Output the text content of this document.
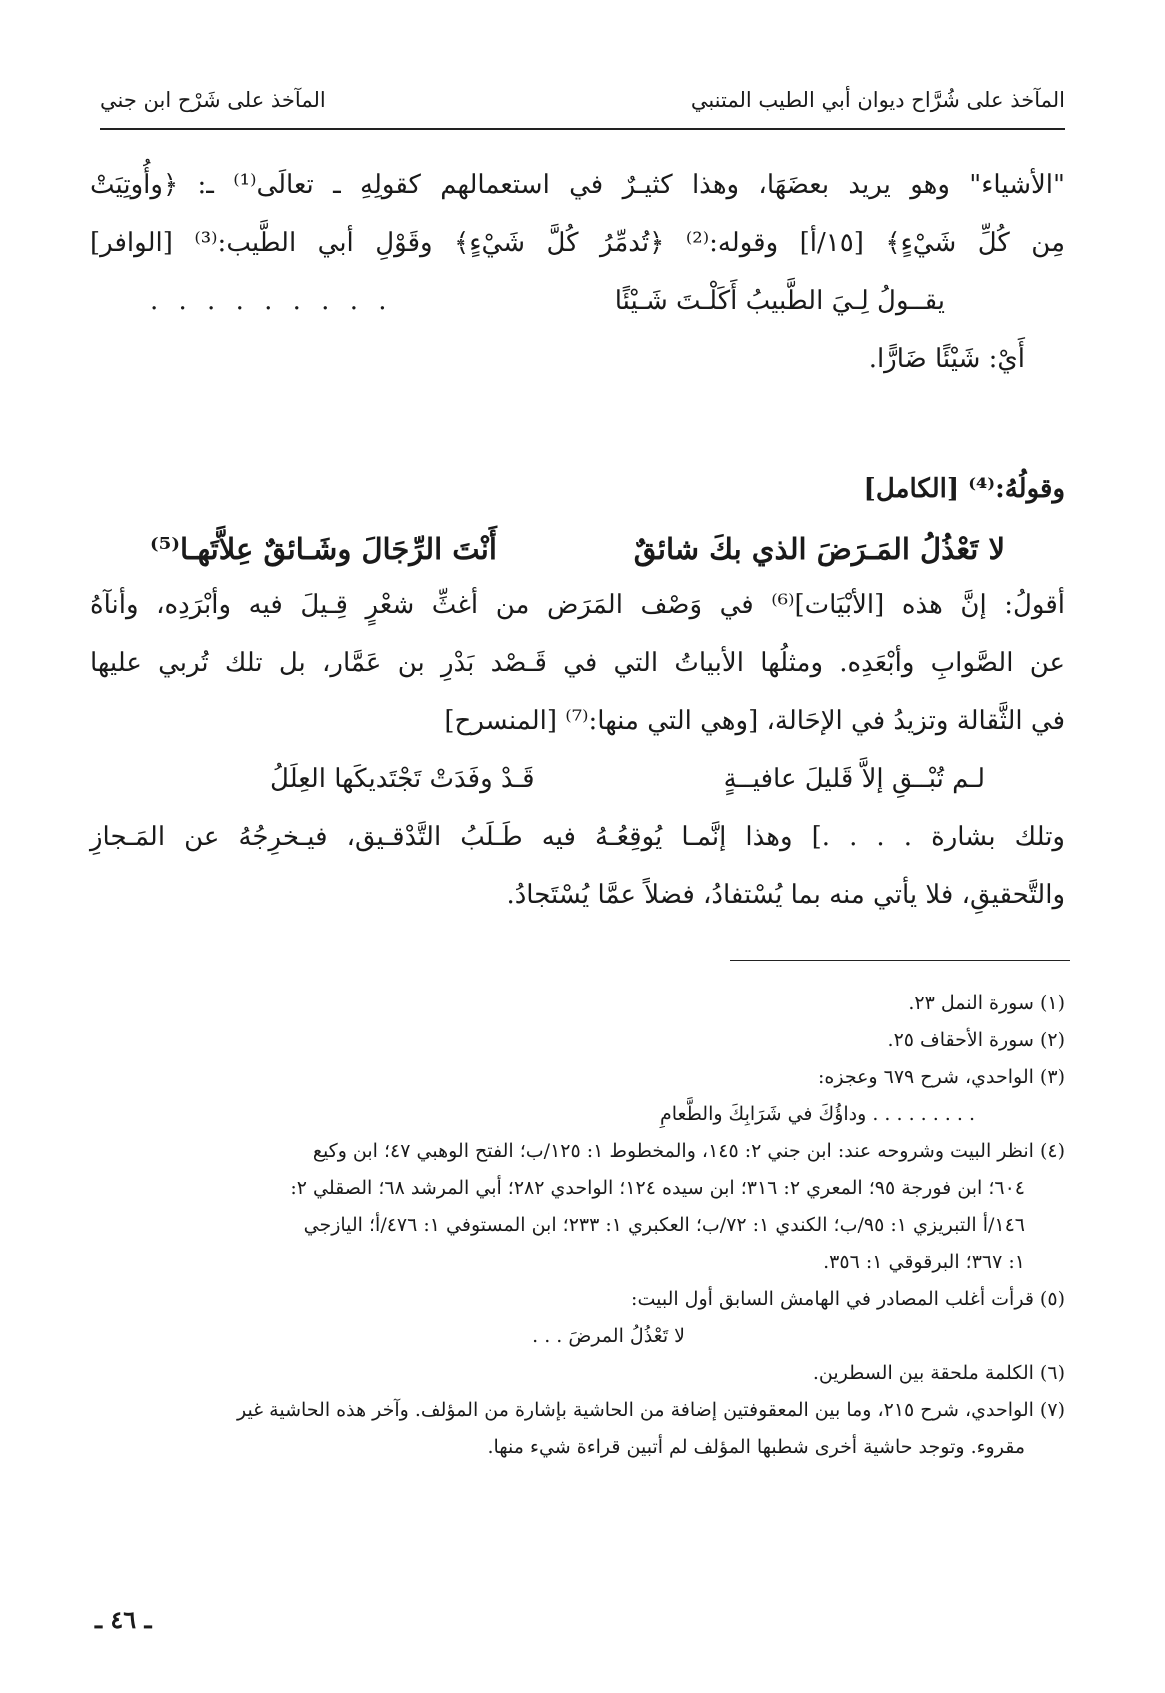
المآخذ على شُرَّاح ديوان أبي الطيب المتنبي
المآخذ على شَرْح ابن جني
"الأشياء" وهو يريد بعضَهَا، وهذا كثيـرٌ في استعمالهم كقولِهِ ـ تعالَى⁽¹⁾ ـ: ﴿وأُوتِيَتْ
مِن كُلِّ شَيْءٍ﴾ [١٥/أ] وقوله:⁽²⁾ ﴿تُدمِّرُ كُلَّ شَيْءٍ﴾ وقَوْلِ أبي الطَّيب:⁽³⁾ [الوافر]
يقــولُ لِـيَ الطَّبيبُ أَكَلْـتَ شَـيْئًا
. . . . . . . . .
أَيْ: شَيْئًا ضَارًّا.
وقولُهُ:⁽⁴⁾ [الكامل]
لا تَعْذُلُ المَـرَضَ الذي بكَ شائقٌ
أَنْتَ الرِّجَالَ وشَـائقٌ عِلاَّتَهـا⁽⁵⁾
أقولُ: إنَّ هذه [الأبْيَات]⁽⁶⁾ في وَصْف المَرَض من أغثِّ شعْرٍ قِـيلَ فيه وأبْرَدِه، وأنآهُ
عن الصَّوابِ وأبْعَدِه. ومثلُها الأبياتُ التي في قَـصْد بَدْرِ بن عَمَّار، بل تلك تُربي عليها
في الثَّقالة وتزيدُ في الإحَالة، [وهي التي منها:⁽⁷⁾ [المنسرح]
لـم تُبْــقِ إلاَّ قَليلَ عافيــةٍ
قَـدْ وفَدَتْ تَجْتَديكَها العِلَلُ
وتلك بشارة . . . .] وهذا إنَّمـا يُوقِعُـهُ فيه طَـلَبُ التَّدْقـيق، فيـخرِجُهُ عن المَـجازِ
والتَّحقيقِ، فلا يأتي منه بما يُسْتفادُ، فضلاً عمَّا يُسْتَجادُ.
(١) سورة النمل ٢٣.
(٢) سورة الأحقاف ٢٥.
(٣) الواحدي، شرح ٦٧٩ وعجزه:
. . . . . . . . . وداؤُكَ في شَرَابِكَ والطَّعامِ
(٤) انظر البيت وشروحه عند: ابن جني ٢: ١٤٥، والمخطوط ١: ١٢٥/ب؛ الفتح الوهبي ٤٧؛ ابن وكيع
٦٠٤؛ ابن فورجة ٩٥؛ المعري ٢: ٣١٦؛ ابن سيده ١٢٤؛ الواحدي ٢٨٢؛ أبي المرشد ٦٨؛ الصقلي ٢:
١٤٦/أ التبريزي ١: ٩٥/ب؛ الكندي ١: ٧٢/ب؛ العكبري ١: ٢٣٣؛ ابن المستوفي ١: ٤٧٦/أ؛ اليازجي
١: ٣٦٧؛ البرقوقي ١: ٣٥٦.
(٥) قرأت أغلب المصادر في الهامش السابق أول البيت:
لا تَعْذُلُ المرضَ . . .
(٦) الكلمة ملحقة بين السطرين.
(٧) الواحدي، شرح ٢١٥، وما بين المعقوفتين إضافة من الحاشية بإشارة من المؤلف. وآخر هذه الحاشية غير
مقروء. وتوجد حاشية أخرى شطبها المؤلف لم أتبين قراءة شيء منها.
ـ ٤٦ ـ
